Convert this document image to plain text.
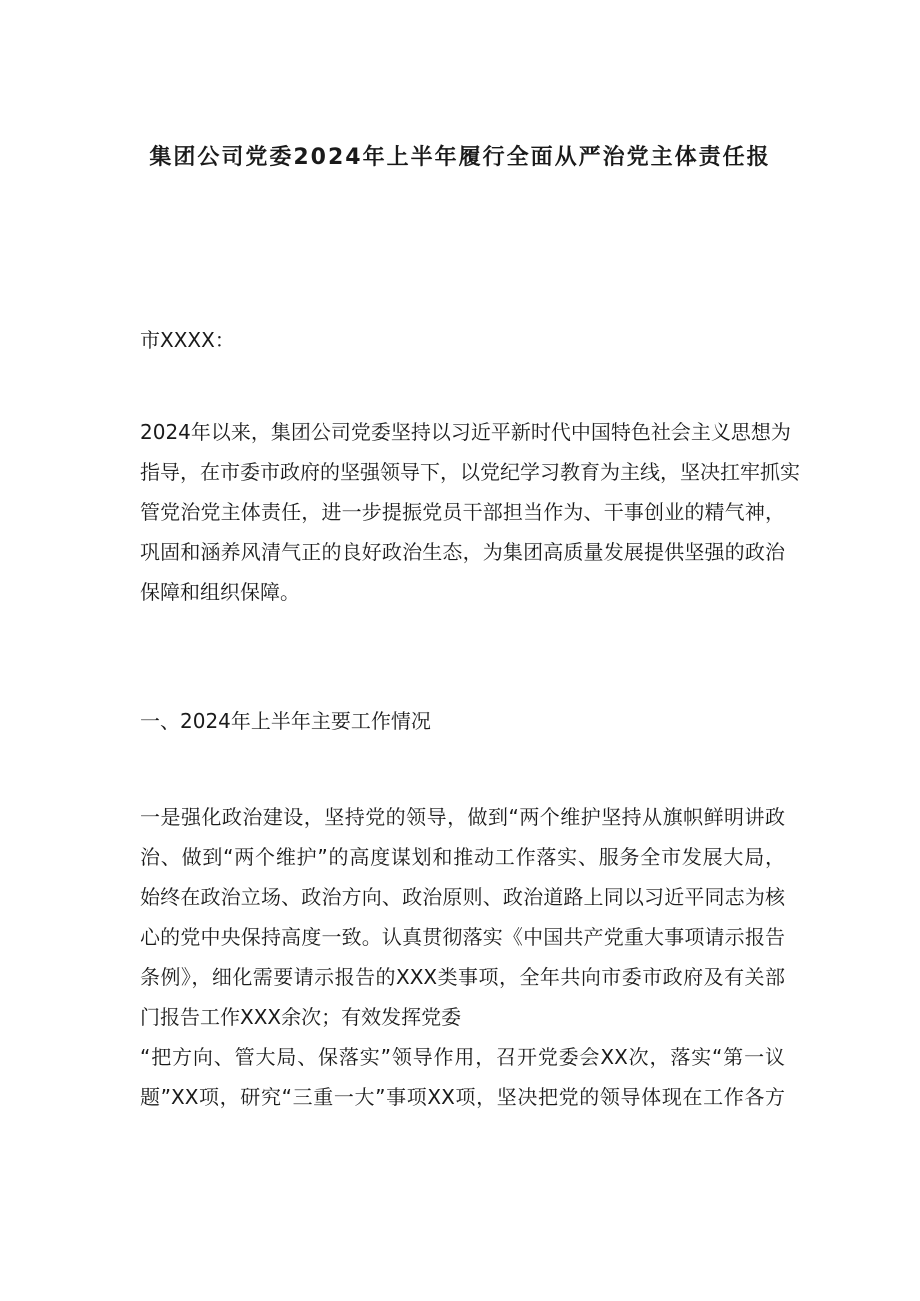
集团公司党委2024年上半年履行全面从严治党主体责任报
市XXXX：
2024年以来，集团公司党委坚持以习近平新时代中国特色社会主义思想为
指导，在市委市政府的坚强领导下，以党纪学习教育为主线，坚决扛牢抓实
管党治党主体责任，进一步提振党员干部担当作为、干事创业的精气神，
巩固和涵养风清气正的良好政治生态，为集团高质量发展提供坚强的政治
保障和组织保障。
一、2024年上半年主要工作情况
一是强化政治建设，坚持党的领导，做到“两个维护坚持从旗帜鲜明讲政
治、做到“两个维护”的高度谋划和推动工作落实、服务全市发展大局，
始终在政治立场、政治方向、政治原则、政治道路上同以习近平同志为核
心的党中央保持高度一致。认真贯彻落实《中国共产党重大事项请示报告
条例》，细化需要请示报告的XXX类事项，全年共向市委市政府及有关部
门报告工作XXX余次；有效发挥党委
“把方向、管大局、保落实”领导作用，召开党委会XX次，落实“第一议
题”XX项，研究“三重一大”事项XX项，坚决把党的领导体现在工作各方
